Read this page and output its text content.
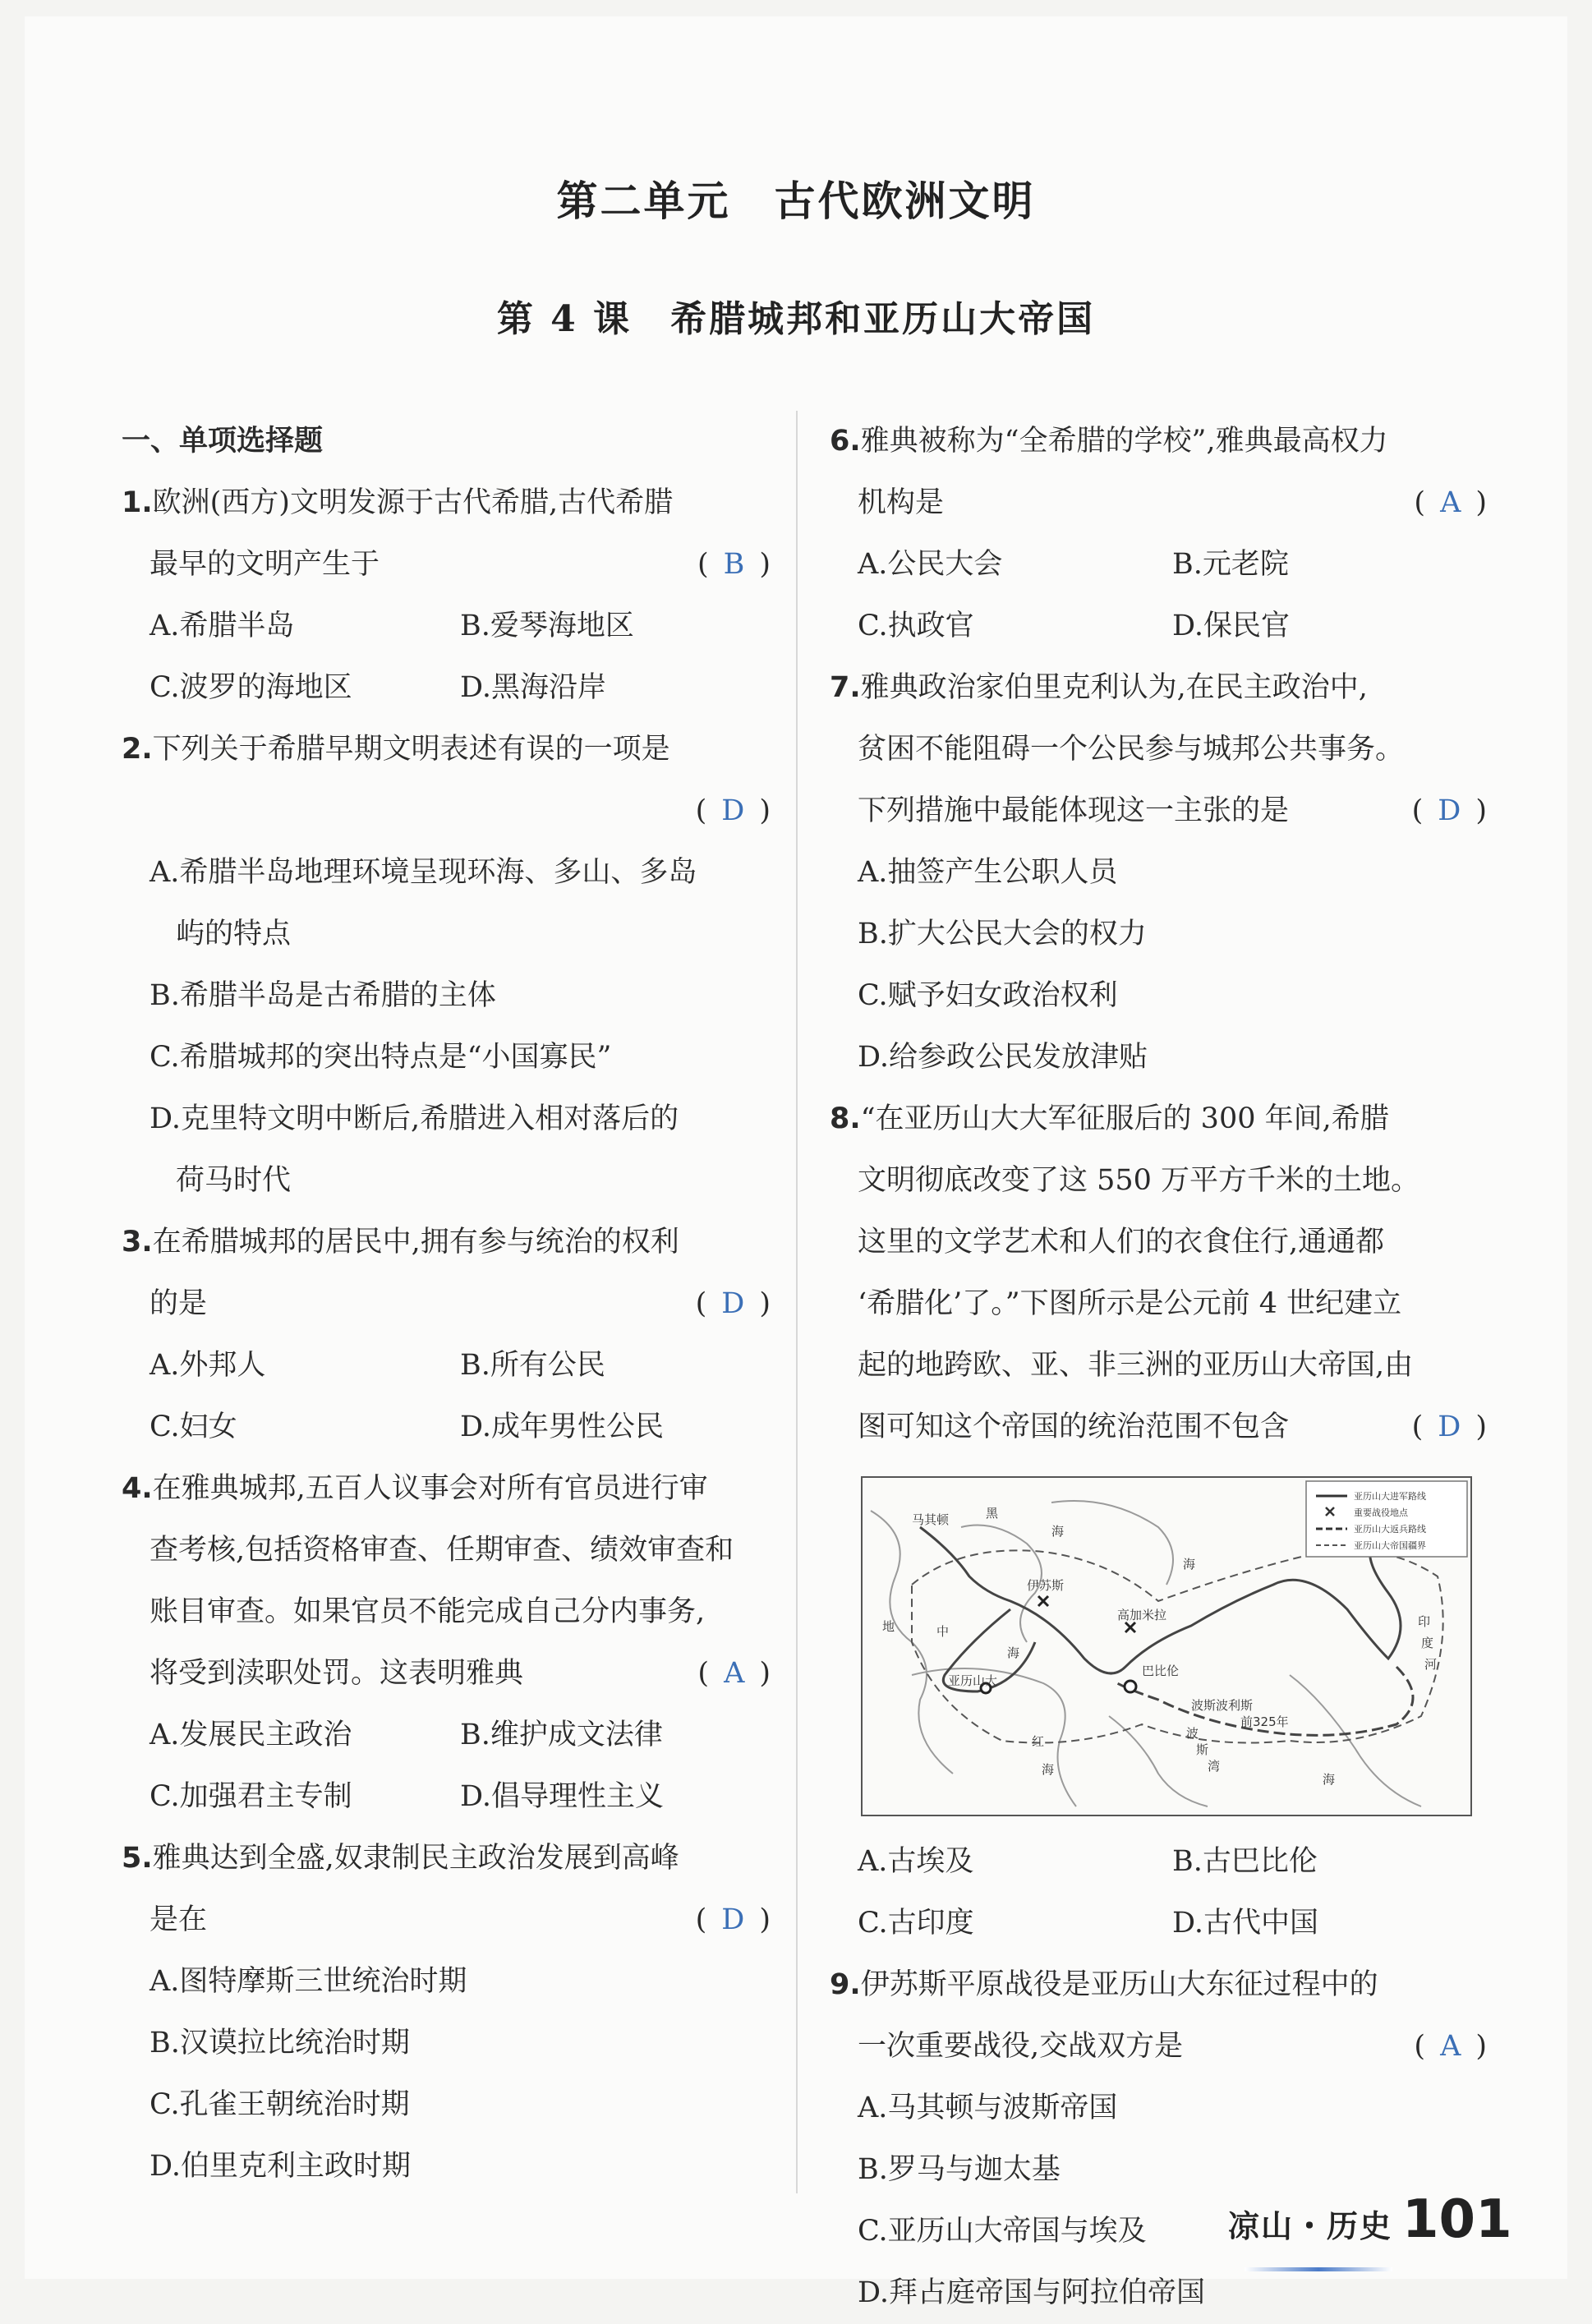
第二单元　古代欧洲文明
第 4 课　希腊城邦和亚历山大帝国
一、单项选择题
1.欧洲(西方)文明发源于古代希腊,古代希腊
最早的文明产生于	( B )
A.希腊半岛	B.爱琴海地区
C.波罗的海地区	D.黑海沿岸
2.下列关于希腊早期文明表述有误的一项是
( D )
A.希腊半岛地理环境呈现环海、多山、多岛
屿的特点
B.希腊半岛是古希腊的主体
C.希腊城邦的突出特点是“小国寡民”
D.克里特文明中断后,希腊进入相对落后的
荷马时代
3.在希腊城邦的居民中,拥有参与统治的权利
的是	( D )
A.外邦人	B.所有公民
C.妇女	D.成年男性公民
4.在雅典城邦,五百人议事会对所有官员进行审
查考核,包括资格审查、任期审查、绩效审查和
账目审查。如果官员不能完成自己分内事务,
将受到渎职处罚。这表明雅典	( A )
A.发展民主政治	B.维护成文法律
C.加强君主专制	D.倡导理性主义
5.雅典达到全盛,奴隶制民主政治发展到高峰
是在	( D )
A.图特摩斯三世统治时期
B.汉谟拉比统治时期
C.孔雀王朝统治时期
D.伯里克利主政时期
6.雅典被称为“全希腊的学校”,雅典最高权力
机构是	( A )
A.公民大会	B.元老院
C.执政官	D.保民官
7.雅典政治家伯里克利认为,在民主政治中,
贫困不能阻碍一个公民参与城邦公共事务。
下列措施中最能体现这一主张的是	( D )
A.抽签产生公职人员
B.扩大公民大会的权力
C.赋予妇女政治权利
D.给参政公民发放津贴
8.“在亚历山大大军征服后的 300 年间,希腊
文明彻底改变了这 550 万平方千米的土地。
这里的文学艺术和人们的衣食住行,通通都
‘希腊化’了。”下图所示是公元前 4 世纪建立
起的地跨欧、亚、非三洲的亚历山大帝国,由
图可知这个帝国的统治范围不包含	( D )
亚历山大进军路线
重要战役地点
亚历山大返兵路线
亚历山大帝国疆界
马其顿	黑
海
伊苏斯
高加米拉
巴比伦
亚历山大
波斯波利斯
前325年
地	中
海
红
海
波
斯
湾
海
印
度
河
海
A.古埃及	B.古巴比伦
C.古印度	D.古代中国
9.伊苏斯平原战役是亚历山大东征过程中的
一次重要战役,交战双方是	( A )
A.马其顿与波斯帝国
B.罗马与迦太基
C.亚历山大帝国与埃及
D.拜占庭帝国与阿拉伯帝国
凉山・历史 101
